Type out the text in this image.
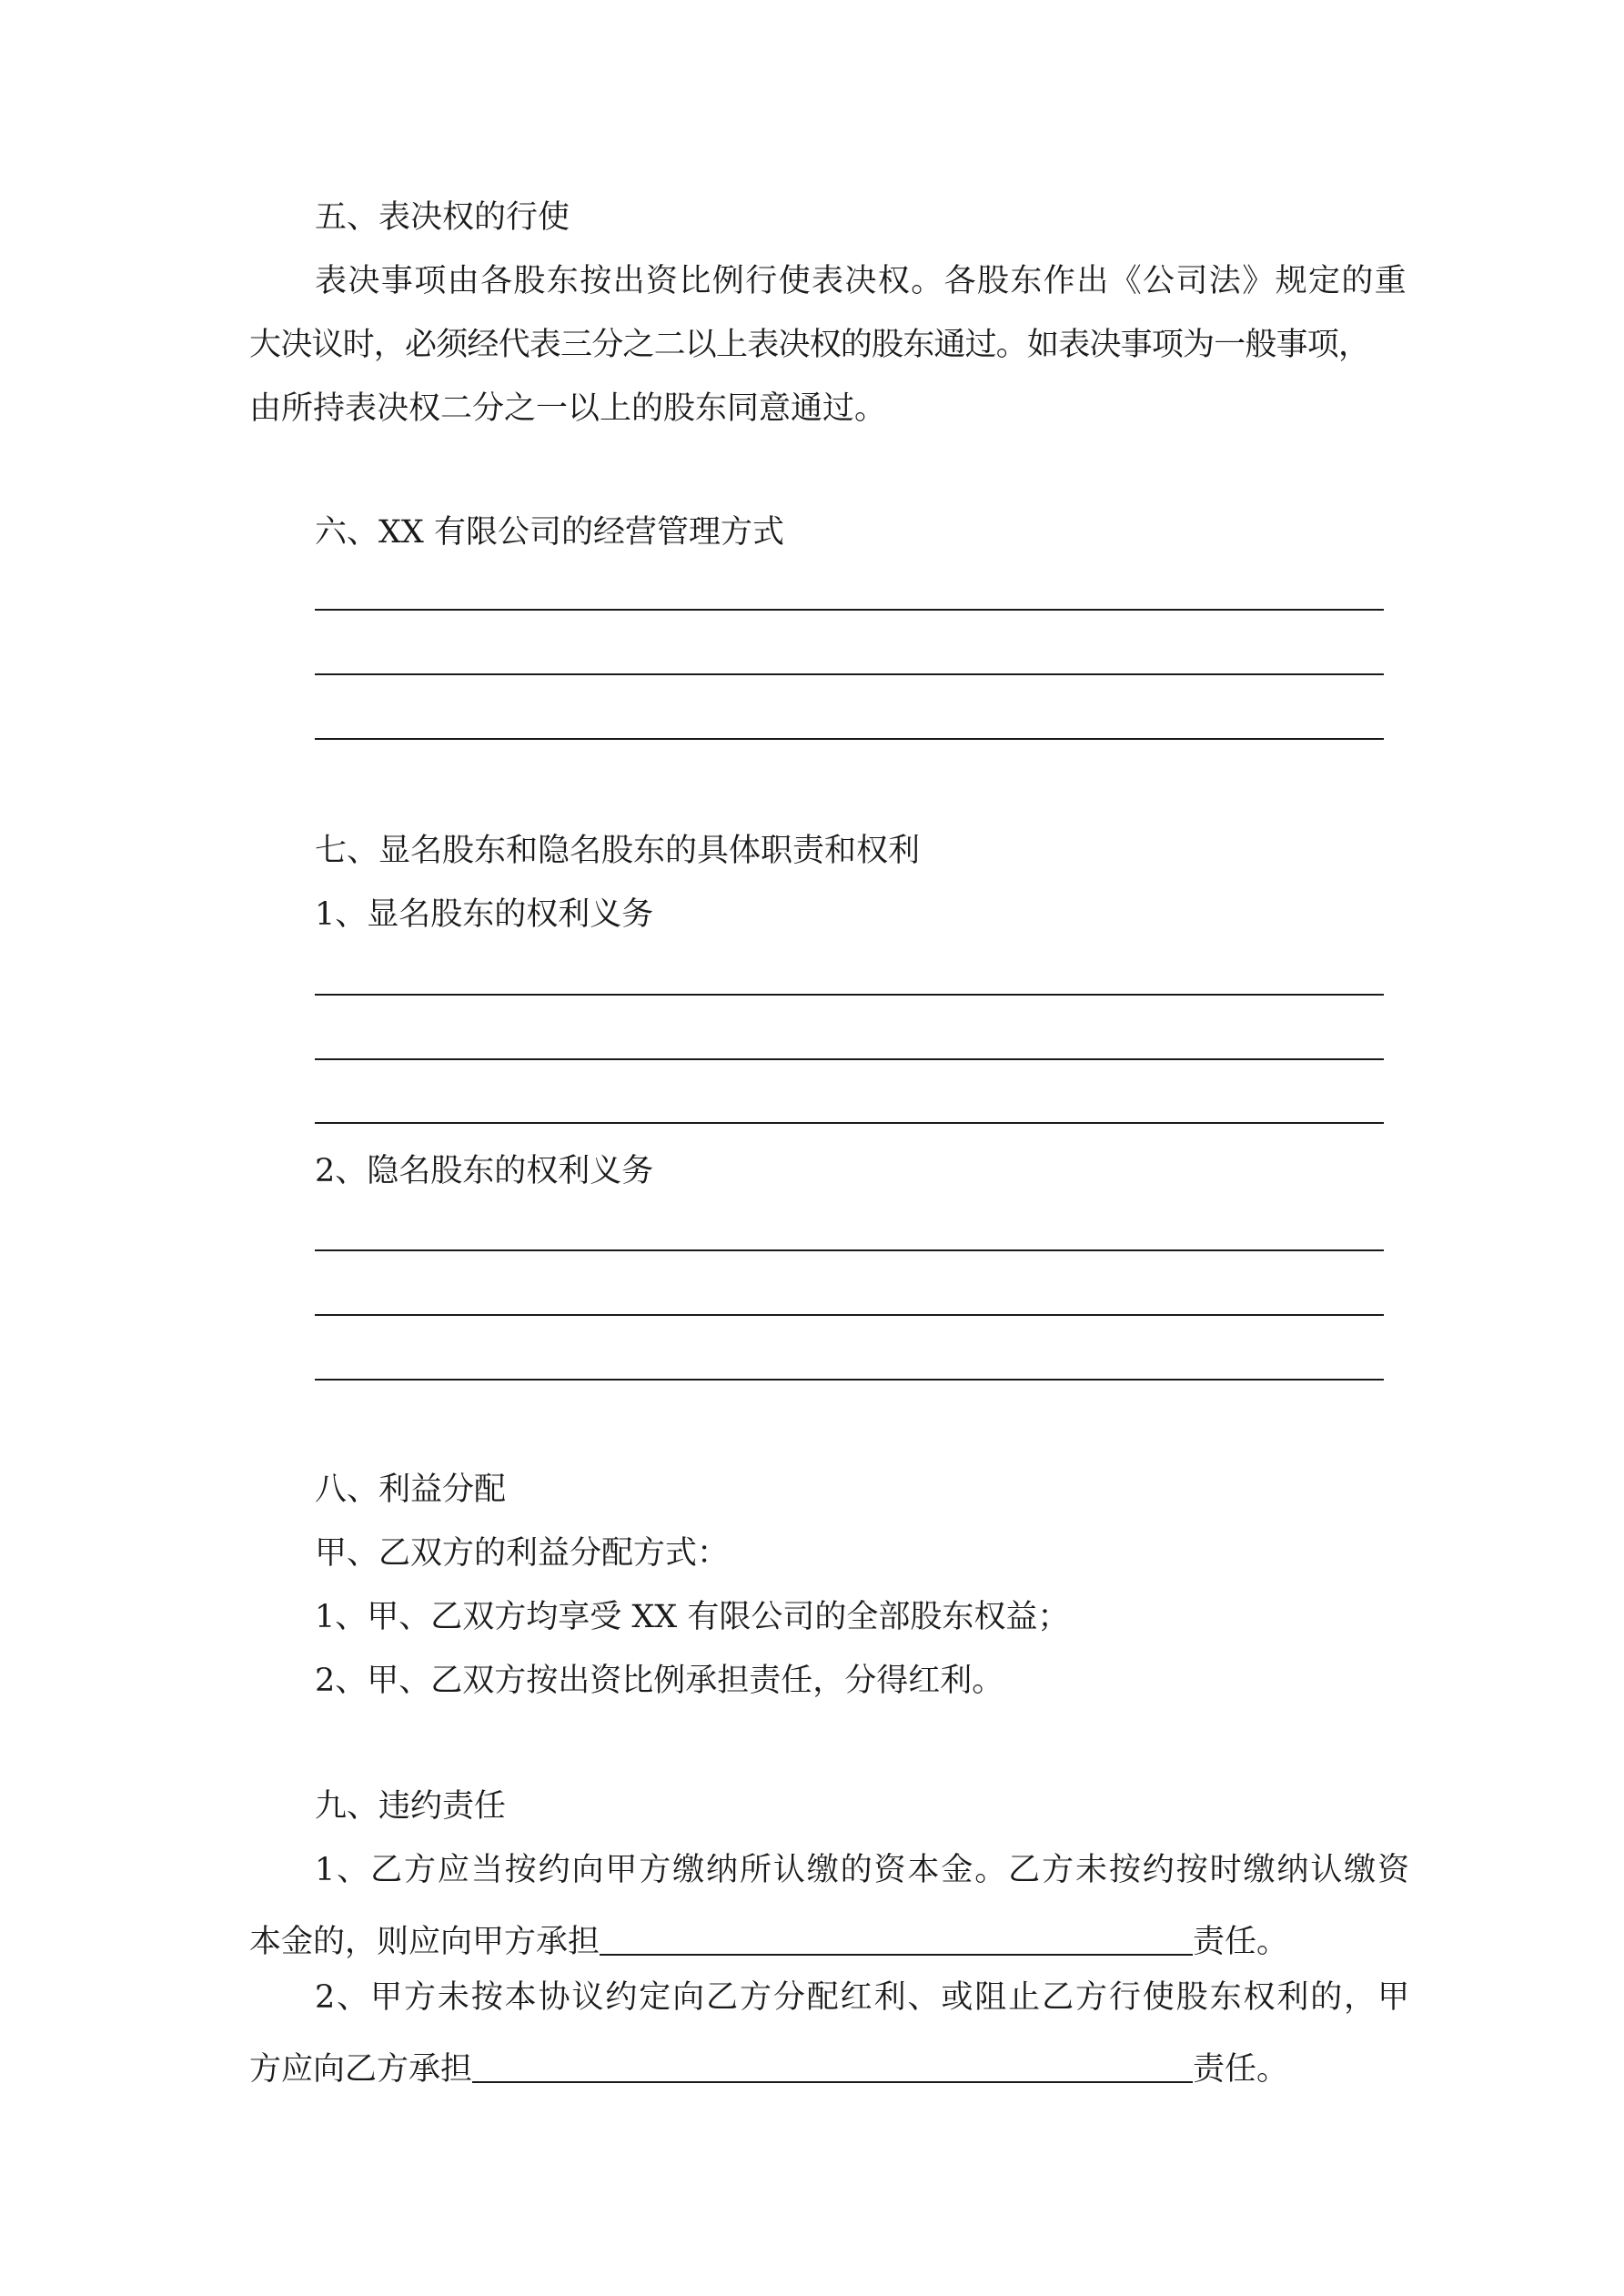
五、表决权的行使
表决事项由各股东按出资比例行使表决权。各股东作出《公司法》规定的重
大决议时，必须经代表三分之二以上表决权的股东通过。如表决事项为一般事项，
由所持表决权二分之一以上的股东同意通过。
六、XX 有限公司的经营管理方式
七、显名股东和隐名股东的具体职责和权利
1、显名股东的权利义务
2、隐名股东的权利义务
八、利益分配
甲、乙双方的利益分配方式：
1、甲、乙双方均享受 XX 有限公司的全部股东权益；
2、甲、乙双方按出资比例承担责任，分得红利。
九、违约责任
1、乙方应当按约向甲方缴纳所认缴的资本金。乙方未按约按时缴纳认缴资
本金的，则应向甲方承担	责任。
2、甲方未按本协议约定向乙方分配红利、或阻止乙方行使股东权利的，甲
方应向乙方承担	责任。
